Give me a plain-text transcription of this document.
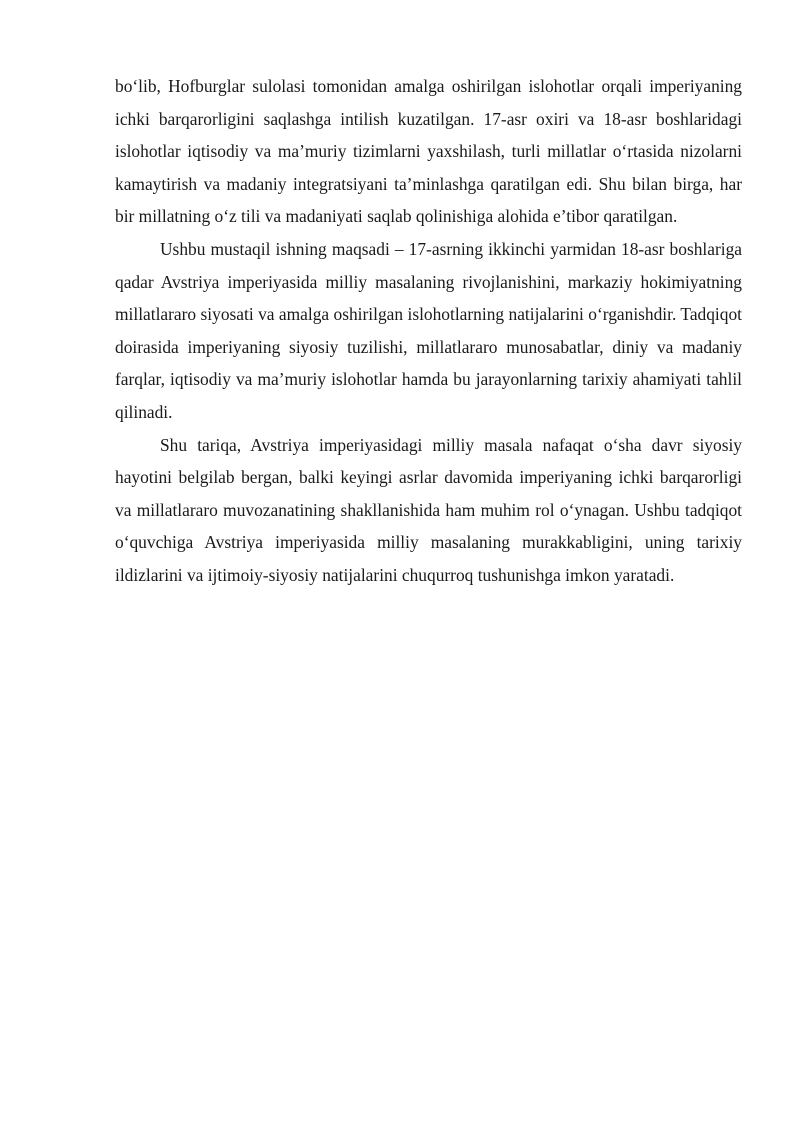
bo‘lib, Hofburglar sulolasi tomonidan amalga oshirilgan islohotlar orqali imperiyaning ichki barqarorligini saqlashga intilish kuzatilgan. 17-asr oxiri va 18-asr boshlaridagi islohotlar iqtisodiy va ma’muriy tizimlarni yaxshilash, turli millatlar o‘rtasida nizolarni kamaytirish va madaniy integratsiyani ta’minlashga qaratilgan edi. Shu bilan birga, har bir millatning o‘z tili va madaniyati saqlab qolinishiga alohida e’tibor qaratilgan.

Ushbu mustaqil ishning maqsadi – 17-asrning ikkinchi yarmidan 18-asr boshlariga qadar Avstriya imperiyasida milliy masalaning rivojlanishini, markaziy hokimiyatning millatlararo siyosati va amalga oshirilgan islohotlarning natijalarini o‘rganishdir. Tadqiqot doirasida imperiyaning siyosiy tuzilishi, millatlararo munosabatlar, diniy va madaniy farqlar, iqtisodiy va ma’muriy islohotlar hamda bu jarayonlarning tarixiy ahamiyati tahlil qilinadi.

Shu tariqa, Avstriya imperiyasidagi milliy masala nafaqat o‘sha davr siyosiy hayotini belgilab bergan, balki keyingi asrlar davomida imperiyaning ichki barqarorligi va millatlararo muvozanatining shakllanishida ham muhim rol o‘ynagan. Ushbu tadqiqot o‘quvchiga Avstriya imperiyasida milliy masalaning murakkabligini, uning tarixiy ildizlarini va ijtimoiy-siyosiy natijalarini chuqurroq tushunishga imkon yaratadi.
